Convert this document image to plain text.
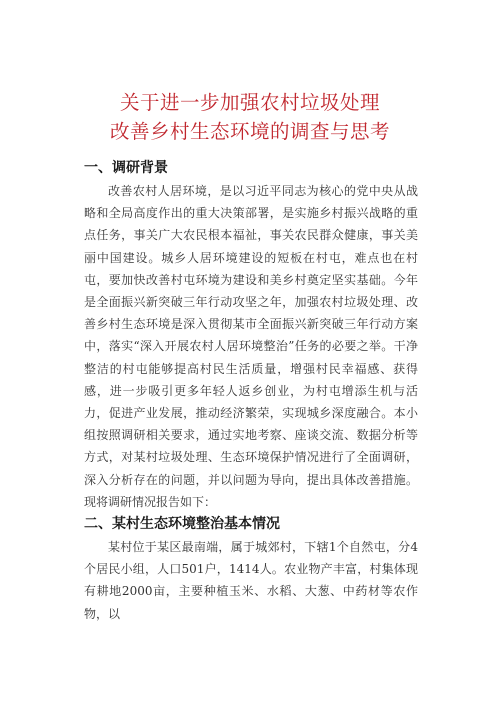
关于进一步加强农村垃圾处理
改善乡村生态环境的调查与思考
一、调研背景

改善农村人居环境，是以习近平同志为核心的党中央从战略和全局高度作出的重大决策部署，是实施乡村振兴战略的重点任务，事关广大农民根本福祉，事关农民群众健康，事关美丽中国建设。城乡人居环境建设的短板在村屯，难点也在村屯，要加快改善村屯环境为建设和美乡村奠定坚实基础。今年是全面振兴新突破三年行动攻坚之年，加强农村垃圾处理、改善乡村生态环境是深入贯彻某市全面振兴新突破三年行动方案中，落实“深入开展农村人居环境整治”任务的必要之举。干净整洁的村屯能够提高村民生活质量，增强村民幸福感、获得感，进一步吸引更多年轻人返乡创业，为村屯增添生机与活力，促进产业发展，推动经济繁荣，实现城乡深度融合。本小组按照调研相关要求，通过实地考察、座谈交流、数据分析等方式，对某村垃圾处理、生态环境保护情况进行了全面调研，深入分析存在的问题，并以问题为导向，提出具体改善措施。现将调研情况报告如下：

二、某村生态环境整治基本情况

某村位于某区最南端，属于城郊村，下辖1个自然屯，分4个居民小组，人口501户，1414人。农业物产丰富，村集体现有耕地2000亩，主要种植玉米、水稻、大葱、中药材等农作物，以
